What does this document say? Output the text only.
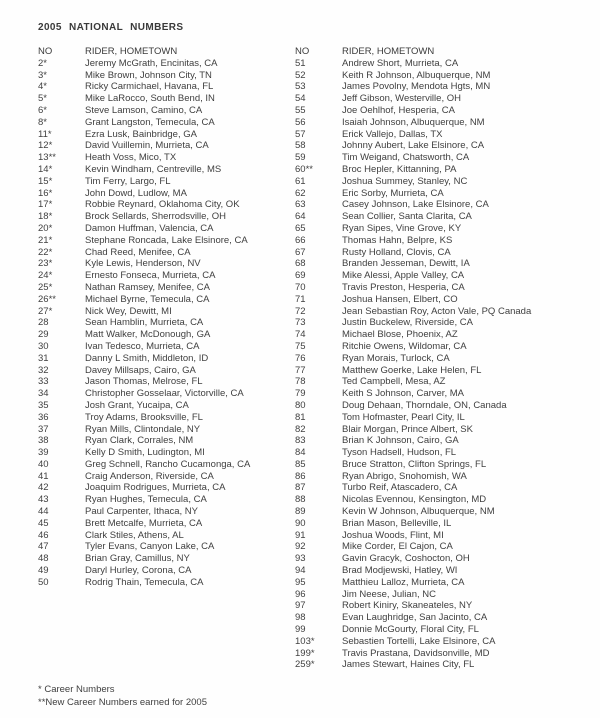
2005 NATIONAL NUMBERS
NO	RIDER, HOMETOWN
2*	Jeremy McGrath, Encinitas, CA
3*	Mike Brown, Johnson City, TN
4*	Ricky Carmichael, Havana, FL
5*	Mike LaRocco, South Bend, IN
6*	Steve Lamson, Camino, CA
8*	Grant Langston, Temecula, CA
11*	Ezra Lusk, Bainbridge, GA
12*	David Vuillemin, Murrieta, CA
13**	Heath Voss, Mico, TX
14*	Kevin Windham, Centreville, MS
15*	Tim Ferry, Largo, FL
16*	John Dowd, Ludlow, MA
17*	Robbie Reynard, Oklahoma City, OK
18*	Brock Sellards, Sherrodsville, OH
20*	Damon Huffman, Valencia, CA
21*	Stephane Roncada, Lake Elsinore, CA
22*	Chad Reed, Menifee, CA
23*	Kyle Lewis, Henderson, NV
24*	Ernesto Fonseca, Murrieta, CA
25*	Nathan Ramsey, Menifee, CA
26**	Michael Byrne, Temecula, CA
27*	Nick Wey, Dewitt, MI
28	Sean Hamblin, Murrieta, CA
29	Matt Walker, McDonough, GA
30	Ivan Tedesco, Murrieta, CA
31	Danny L Smith, Middleton, ID
32	Davey Millsaps, Cairo, GA
33	Jason Thomas, Melrose, FL
34	Christopher Gosselaar, Victorville, CA
35	Josh Grant, Yucaipa, CA
36	Troy Adams, Brooksville, FL
37	Ryan Mills, Clintondale, NY
38	Ryan Clark, Corrales, NM
39	Kelly D Smith, Ludington, MI
40	Greg Schnell, Rancho Cucamonga, CA
41	Craig Anderson, Riverside, CA
42	Joaquim Rodrigues, Murrieta, CA
43	Ryan Hughes, Temecula, CA
44	Paul Carpenter, Ithaca, NY
45	Brett Metcalfe, Murrieta, CA
46	Clark Stiles, Athens, AL
47	Tyler Evans, Canyon Lake, CA
48	Brian Gray, Camillus, NY
49	Daryl Hurley, Corona, CA
50	Rodrig Thain, Temecula, CA
NO	RIDER, HOMETOWN
51	Andrew Short, Murrieta, CA
52	Keith R Johnson, Albuquerque, NM
53	James Povolny, Mendota Hgts, MN
54	Jeff Gibson, Westerville, OH
55	Joe Oehlhof, Hesperia, CA
56	Isaiah Johnson, Albuquerque, NM
57	Erick Vallejo, Dallas, TX
58	Johnny Aubert, Lake Elsinore, CA
59	Tim Weigand, Chatsworth, CA
60**	Broc Hepler, Kittanning, PA
61	Joshua Summey, Stanley, NC
62	Eric Sorby, Murrieta, CA
63	Casey Johnson, Lake Elsinore, CA
64	Sean Collier, Santa Clarita, CA
65	Ryan Sipes, Vine Grove, KY
66	Thomas Hahn, Belpre, KS
67	Rusty Holland, Clovis, CA
68	Branden Jesseman, Dewitt, IA
69	Mike Alessi, Apple Valley, CA
70	Travis Preston, Hesperia, CA
71	Joshua Hansen, Elbert, CO
72	Jean Sebastian Roy, Acton Vale, PQ Canada
73	Justin Buckelew, Riverside, CA
74	Michael Blose, Phoenix, AZ
75	Ritchie Owens, Wildomar, CA
76	Ryan Morais, Turlock, CA
77	Matthew Goerke, Lake Helen, FL
78	Ted Campbell, Mesa, AZ
79	Keith S Johnson, Carver, MA
80	Doug Dehaan, Thorndale, ON, Canada
81	Tom Hofmaster, Pearl City, IL
82	Blair Morgan, Prince Albert, SK
83	Brian K Johnson, Cairo, GA
84	Tyson Hadsell, Hudson, FL
85	Bruce Stratton, Clifton Springs, FL
86	Ryan Abrigo, Snohomish, WA
87	Turbo Reif, Atascadero, CA
88	Nicolas Evennou, Kensington, MD
89	Kevin W Johnson, Albuquerque, NM
90	Brian Mason, Belleville, IL
91	Joshua Woods, Flint, MI
92	Mike Corder, El Cajon, CA
93	Gavin Gracyk, Coshocton, OH
94	Brad Modjewski, Hatley, WI
95	Matthieu Lalloz, Murrieta, CA
96	Jim Neese, Julian, NC
97	Robert Kiniry, Skaneateles, NY
98	Evan Laughridge, San Jacinto, CA
99	Donnie McGourty, Floral City, FL
103*	Sebastien Tortelli, Lake Elsinore, CA
199*	Travis Prastana, Davidsonville, MD
259*	James Stewart, Haines City, FL
* Career Numbers
**New Career Numbers earned for 2005
